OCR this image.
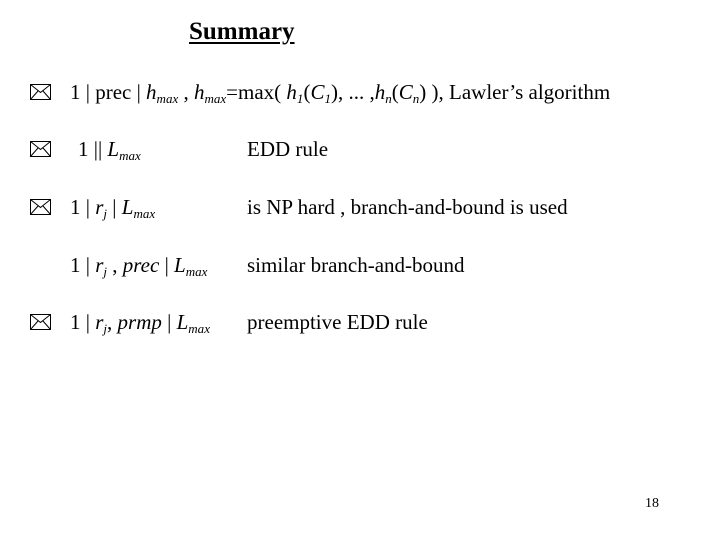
Summary
1 | prec | $h_{max}$ , $h_{max}=\max$( $h_1(C_1)$, ... $,h_n(C_n)$ ), Lawler’s algorithm
1 || $L_{max}$	EDD rule
1 | $r_j$ | $L_{max}$	is NP hard , branch-and-bound is used
1 | $r_j$ , prec | $L_{max}$ similar branch-and-bound
1 | $r_j$, prmp | $L_{max}$ preemptive EDD rule
18
